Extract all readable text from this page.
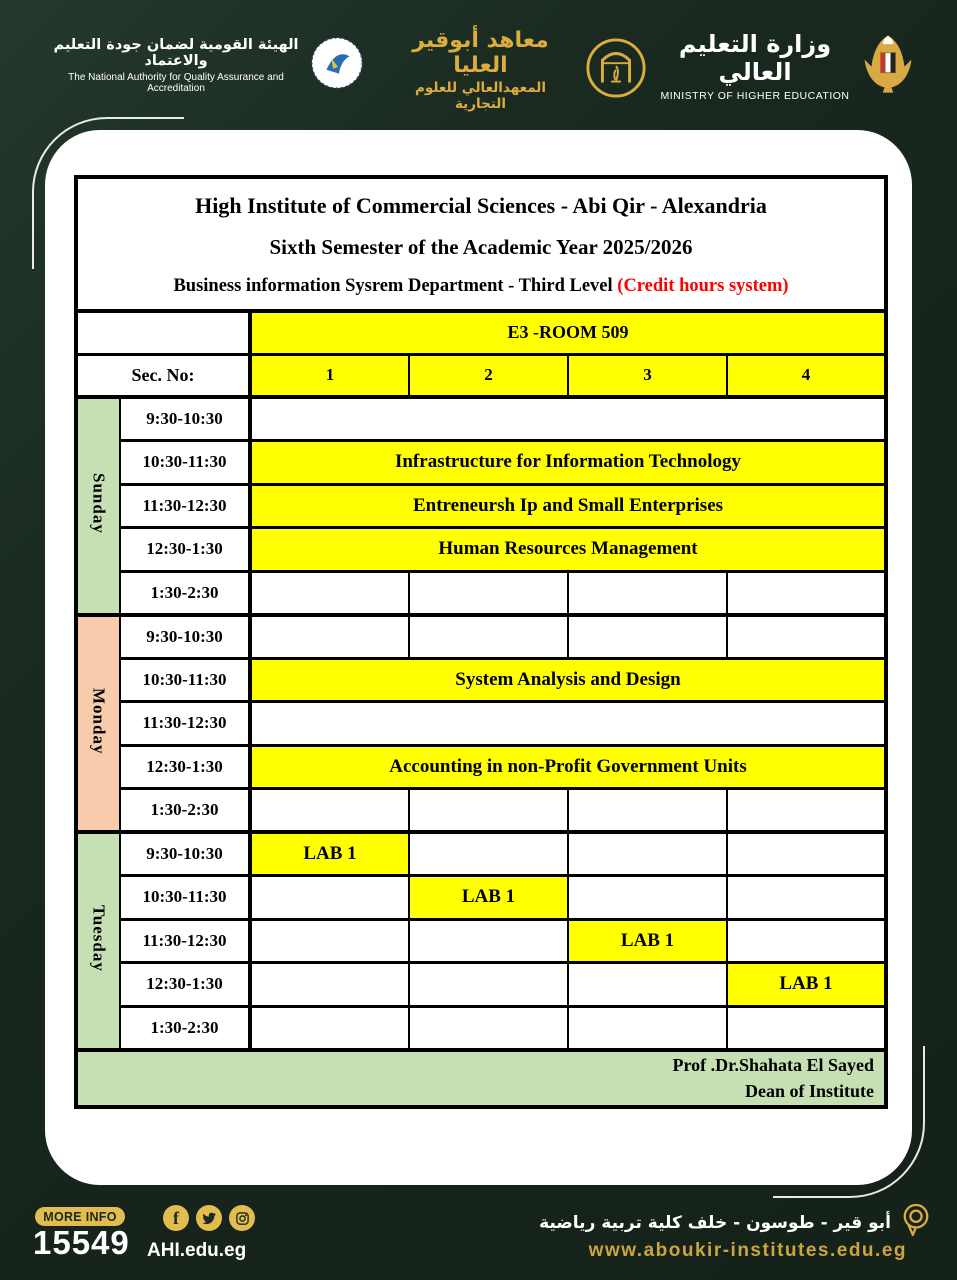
الهيئة القومية لضمان جودة التعليم والاعتماد
The National Authority for Quality Assurance and Accreditation
معاهد أبوقير العليا
المعهدالعالي للعلوم التجارية
وزارة التعليم العالي
MINISTRY OF HIGHER EDUCATION
High Institute of Commercial Sciences - Abi Qir - Alexandria
Sixth Semester of the Academic Year 2025/2026
Business information Sysrem Department - Third Level (Credit hours system)					

		E3 -ROOM 509			
Sec. No:		1	2	3	4
Sunday	9:30-10:30				
	10:30-11:30	Infrastructure for Information Technology			
	11:30-12:30	Entreneursh Ip and Small Enterprises			
	12:30-1:30	Human Resources Management			
	1:30-2:30				
Monday	9:30-10:30				
	10:30-11:30	System Analysis and Design			
	11:30-12:30				
	12:30-1:30	Accounting in non-Profit Government Units			
	1:30-2:30				
Tuesday	9:30-10:30	LAB 1			
	10:30-11:30		LAB 1		
	11:30-12:30			LAB 1	
	12:30-1:30				LAB 1
	1:30-2:30				

Prof .Dr.Shahata El Sayed
Dean of Institute					
MORE INFO
15549
f
AHI.edu.eg
أبو قير - طوسون - خلف كلية تربية رياضية
www.aboukir-institutes.edu.eg
